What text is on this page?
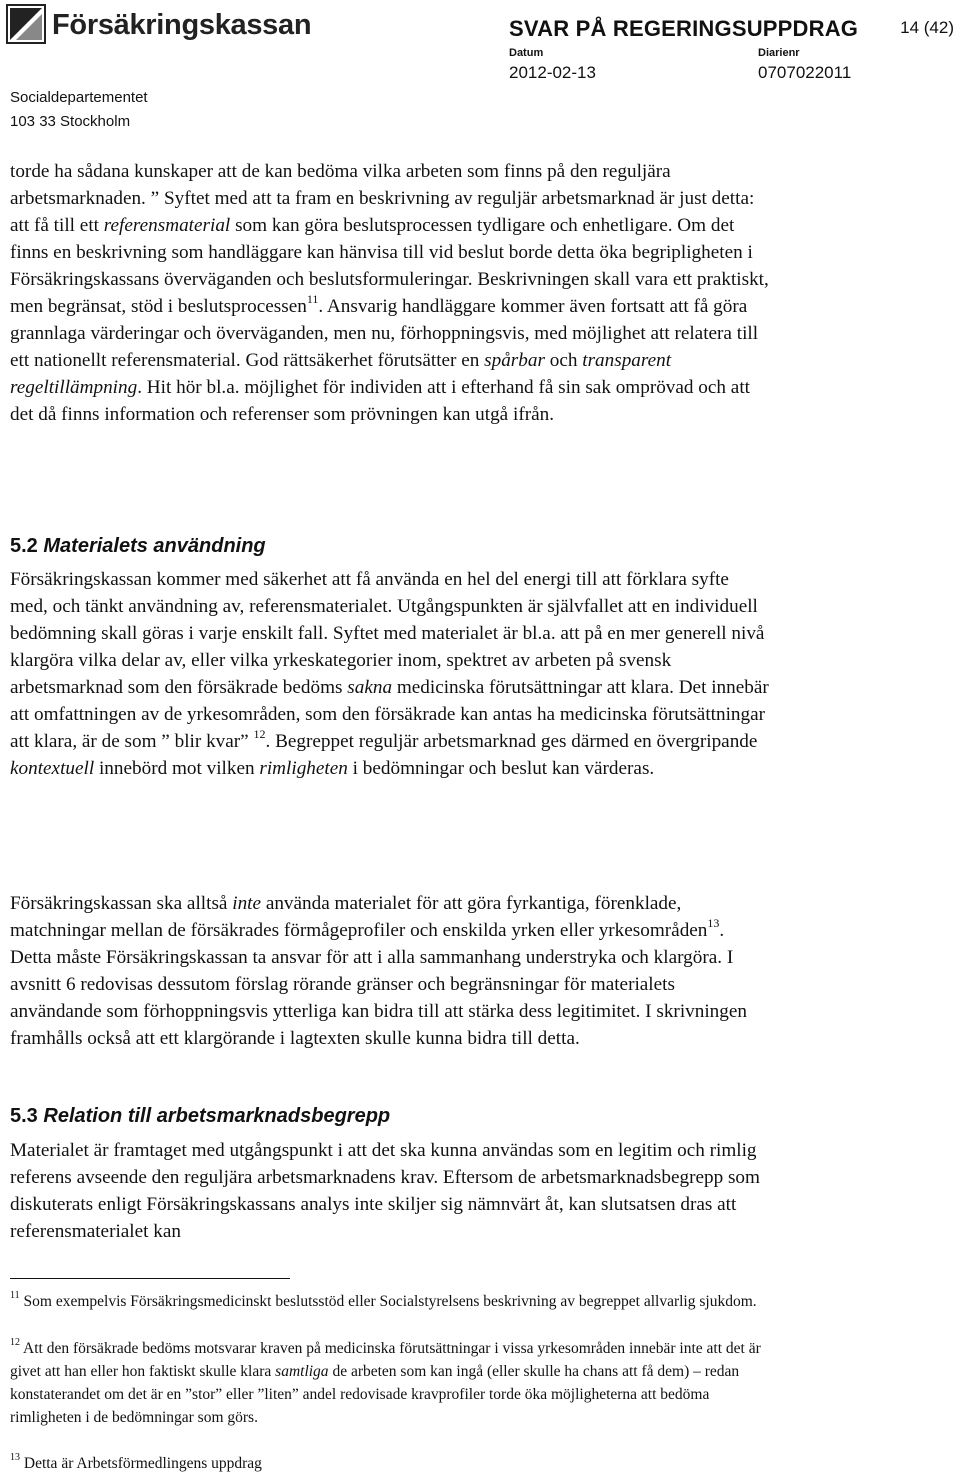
Försäkringskassan	SVAR PÅ REGERINGSUPPDRAG 14 (42)
Datum
2012-02-13
Diarienr
0707022011
Socialdepartementet
103 33 Stockholm

torde ha sådana kunskaper att de kan bedöma vilka arbeten som finns på den reguljära arbetsmarknaden. ” Syftet med att ta fram en beskrivning av reguljär arbetsmarknad är just detta: att få till ett referensmaterial som kan göra beslutsprocessen tydligare och enhetligare. Om det finns en beskrivning som handläggare kan hänvisa till vid beslut borde detta öka begripligheten i Försäkringskassans överväganden och beslutsformuleringar. Beskrivningen skall vara ett praktiskt, men begränsat, stöd i beslutsprocessen$^{11}$. Ansvarig handläggare kommer även fortsatt att få göra grannlaga värderingar och överväganden, men nu, förhoppningsvis, med möjlighet att relatera till ett nationellt referensmaterial. God rättsäkerhet förutsätter en spårbar och transparent regeltillämpning. Hit hör bl.a. möjlighet för individen att i efterhand få sin sak omprövad och att det då finns information och referenser som prövningen kan utgå ifrån.

5.2 Materialets användning

Försäkringskassan kommer med säkerhet att få använda en hel del energi till att förklara syfte med, och tänkt användning av, referensmaterialet. Utgångspunkten är självfallet att en individuell bedömning skall göras i varje enskilt fall. Syftet med materialet är bl.a. att på en mer generell nivå klargöra vilka delar av, eller vilka yrkeskategorier inom, spektret av arbeten på svensk arbetsmarknad som den försäkrade bedöms sakna medicinska förutsättningar att klara. Det innebär att omfattningen av de yrkesområden, som den försäkrade kan antas ha medicinska förutsättningar att klara, är de som ” blir kvar” $^{12}$. Begreppet reguljär arbetsmarknad ges därmed en övergripande kontextuell innebörd mot vilken rimligheten i bedömningar och beslut kan värderas.

Försäkringskassan ska alltså inte använda materialet för att göra fyrkantiga, förenklade, matchningar mellan de försäkrades förmågeprofiler och enskilda yrken eller yrkesområden$^{13}$. Detta måste Försäkringskassan ta ansvar för att i alla sammanhang understryka och klargöra. I avsnitt 6 redovisas dessutom förslag rörande gränser och begränsningar för materialets användande som förhoppningsvis ytterliga kan bidra till att stärka dess legitimitet. I skrivningen framhålls också att ett klargörande i lagtexten skulle kunna bidra till detta.

5.3 Relation till arbetsmarknadsbegrepp

Materialet är framtaget med utgångspunkt i att det ska kunna användas som en legitim och rimlig referens avseende den reguljära arbetsmarknadens krav. Eftersom de arbetsmarknadsbegrepp som diskuterats enligt Försäkringskassans analys inte skiljer sig nämnvärt åt, kan slutsatsen dras att referensmaterialet kan

$^{11}$ Som exempelvis Försäkringsmedicinskt beslutsstöd eller Socialstyrelsens beskrivning av begreppet allvarlig sjukdom.

$^{12}$ Att den försäkrade bedöms motsvarar kraven på medicinska förutsättningar i vissa yrkesområden innebär inte att det är givet att han eller hon faktiskt skulle klara samtliga de arbeten som kan ingå (eller skulle ha chans att få dem) – redan konstaterandet om det är en ”stor” eller ”liten” andel redovisade kravprofiler torde öka möjligheterna att bedöma rimligheten i de bedömningar som görs.

$^{13}$ Detta är Arbetsförmedlingens uppdrag
